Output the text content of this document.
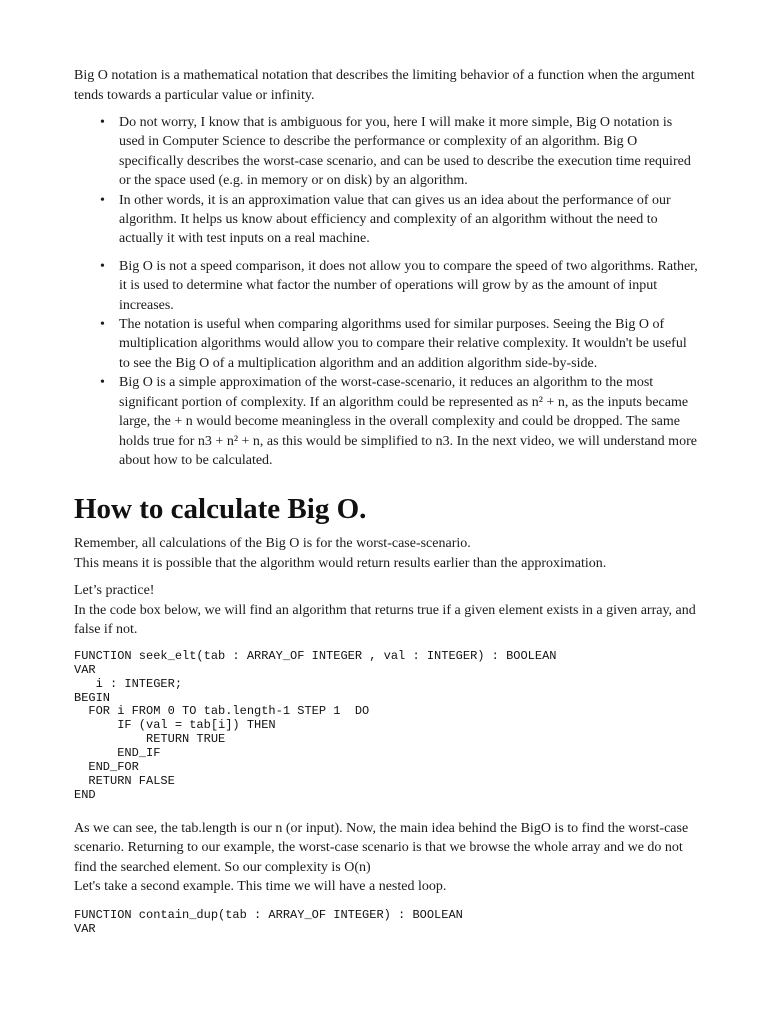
Big O notation is a mathematical notation that describes the limiting behavior of a function when the argument tends towards a particular value or infinity.

• Do not worry, I know that is ambiguous for you, here I will make it more simple, Big O notation is used in Computer Science to describe the performance or complexity of an algorithm. Big O specifically describes the worst-case scenario, and can be used to describe the execution time required or the space used (e.g. in memory or on disk) by an algorithm.
• In other words, it is an approximation value that can gives us an idea about the performance of our algorithm. It helps us know about efficiency and complexity of an algorithm without the need to actually it with test inputs on a real machine.
• Big O is not a speed comparison, it does not allow you to compare the speed of two algorithms. Rather, it is used to determine what factor the number of operations will grow by as the amount of input increases.
• The notation is useful when comparing algorithms used for similar purposes. Seeing the Big O of multiplication algorithms would allow you to compare their relative complexity. It wouldn't be useful to see the Big O of a multiplication algorithm and an addition algorithm side-by-side.
• Big O is a simple approximation of the worst-case-scenario, it reduces an algorithm to the most significant portion of complexity. If an algorithm could be represented as n² + n, as the inputs became large, the + n would become meaningless in the overall complexity and could be dropped. The same holds true for n3 + n² + n, as this would be simplified to n3. In the next video, we will understand more about how to be calculated.
How to calculate Big O.

Remember, all calculations of the Big O is for the worst-case-scenario.

This means it is possible that the algorithm would return results earlier than the approximation.

Let’s practice!

In the code box below, we will find an algorithm that returns true if a given element exists in a given array, and false if not.

FUNCTION seek_elt(tab : ARRAY_OF INTEGER , val : INTEGER) : BOOLEAN
VAR
i : INTEGER;
BEGIN
FOR i FROM 0 TO tab.length-1 STEP 1  DO
IF (val = tab[i]) THEN
RETURN TRUE
END_IF
END_FOR
RETURN FALSE
END

As we can see, the tab.length is our n (or input). Now, the main idea behind the BigO is to find the worst-case scenario. Returning to our example, the worst-case scenario is that we browse the whole array and we do not find the searched element. So our complexity is O(n)

Let's take a second example. This time we will have a nested loop.

FUNCTION contain_dup(tab : ARRAY_OF INTEGER) : BOOLEAN
VAR
